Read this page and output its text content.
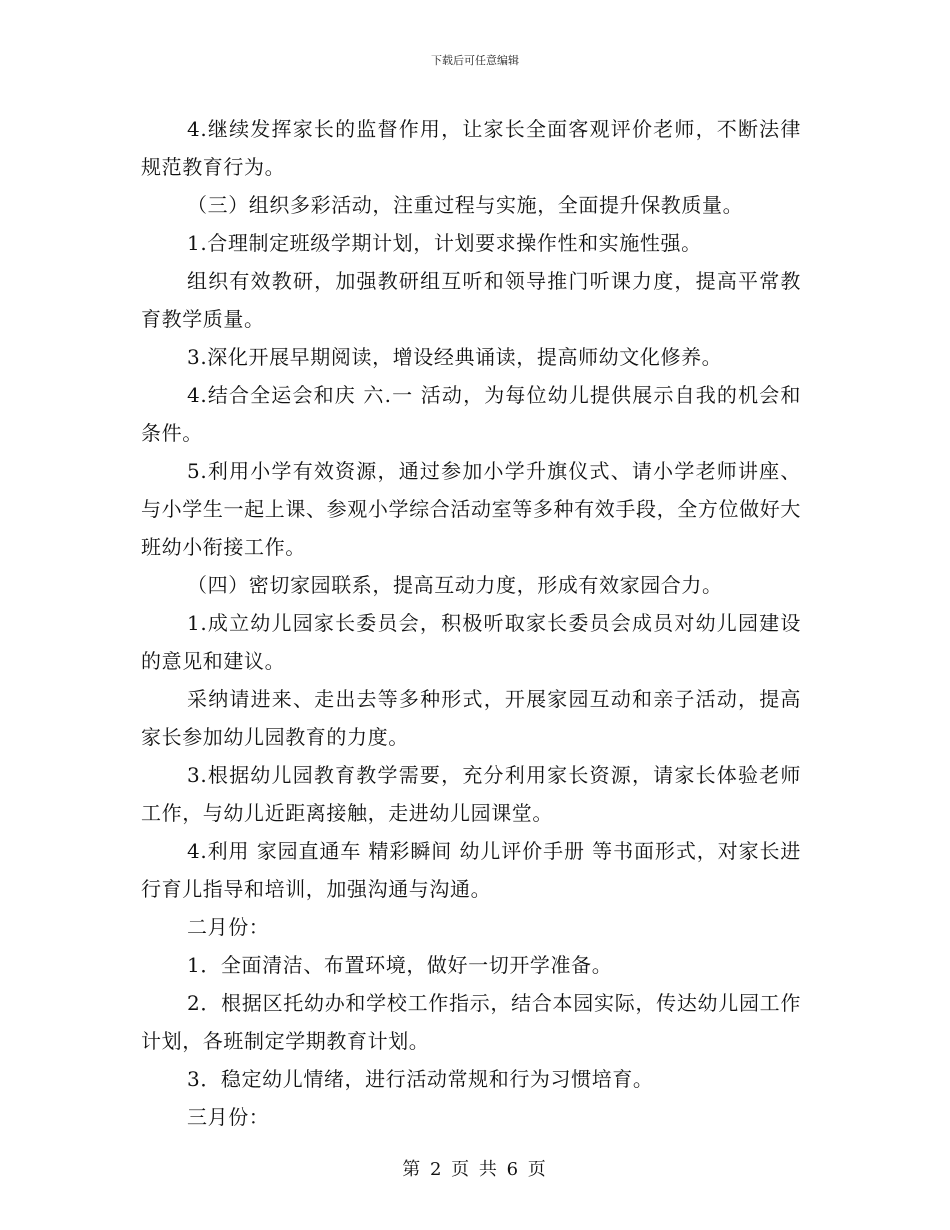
下载后可任意编辑

4.继续发挥家长的监督作用，让家长全面客观评价老师，不断法律规范教育行为。

（三）组织多彩活动，注重过程与实施，全面提升保教质量。

1.合理制定班级学期计划，计划要求操作性和实施性强。

组织有效教研，加强教研组互听和领导推门听课力度，提高平常教育教学质量。

3.深化开展早期阅读，增设经典诵读，提高师幼文化修养。

4.结合全运会和庆 六.一 活动，为每位幼儿提供展示自我的机会和条件。

5.利用小学有效资源，通过参加小学升旗仪式、请小学老师讲座、与小学生一起上课、参观小学综合活动室等多种有效手段，全方位做好大班幼小衔接工作。

（四）密切家园联系，提高互动力度，形成有效家园合力。

1.成立幼儿园家长委员会，积极听取家长委员会成员对幼儿园建设的意见和建议。

采纳请进来、走出去等多种形式，开展家园互动和亲子活动，提高家长参加幼儿园教育的力度。

3.根据幼儿园教育教学需要，充分利用家长资源，请家长体验老师工作，与幼儿近距离接触，走进幼儿园课堂。

4.利用 家园直通车 精彩瞬间 幼儿评价手册 等书面形式，对家长进行育儿指导和培训，加强沟通与沟通。

二月份：

1．全面清洁、布置环境，做好一切开学准备。

2．根据区托幼办和学校工作指示，结合本园实际，传达幼儿园工作计划，各班制定学期教育计划。

3．稳定幼儿情绪，进行活动常规和行为习惯培育。

三月份：

第 2 页 共 6 页
